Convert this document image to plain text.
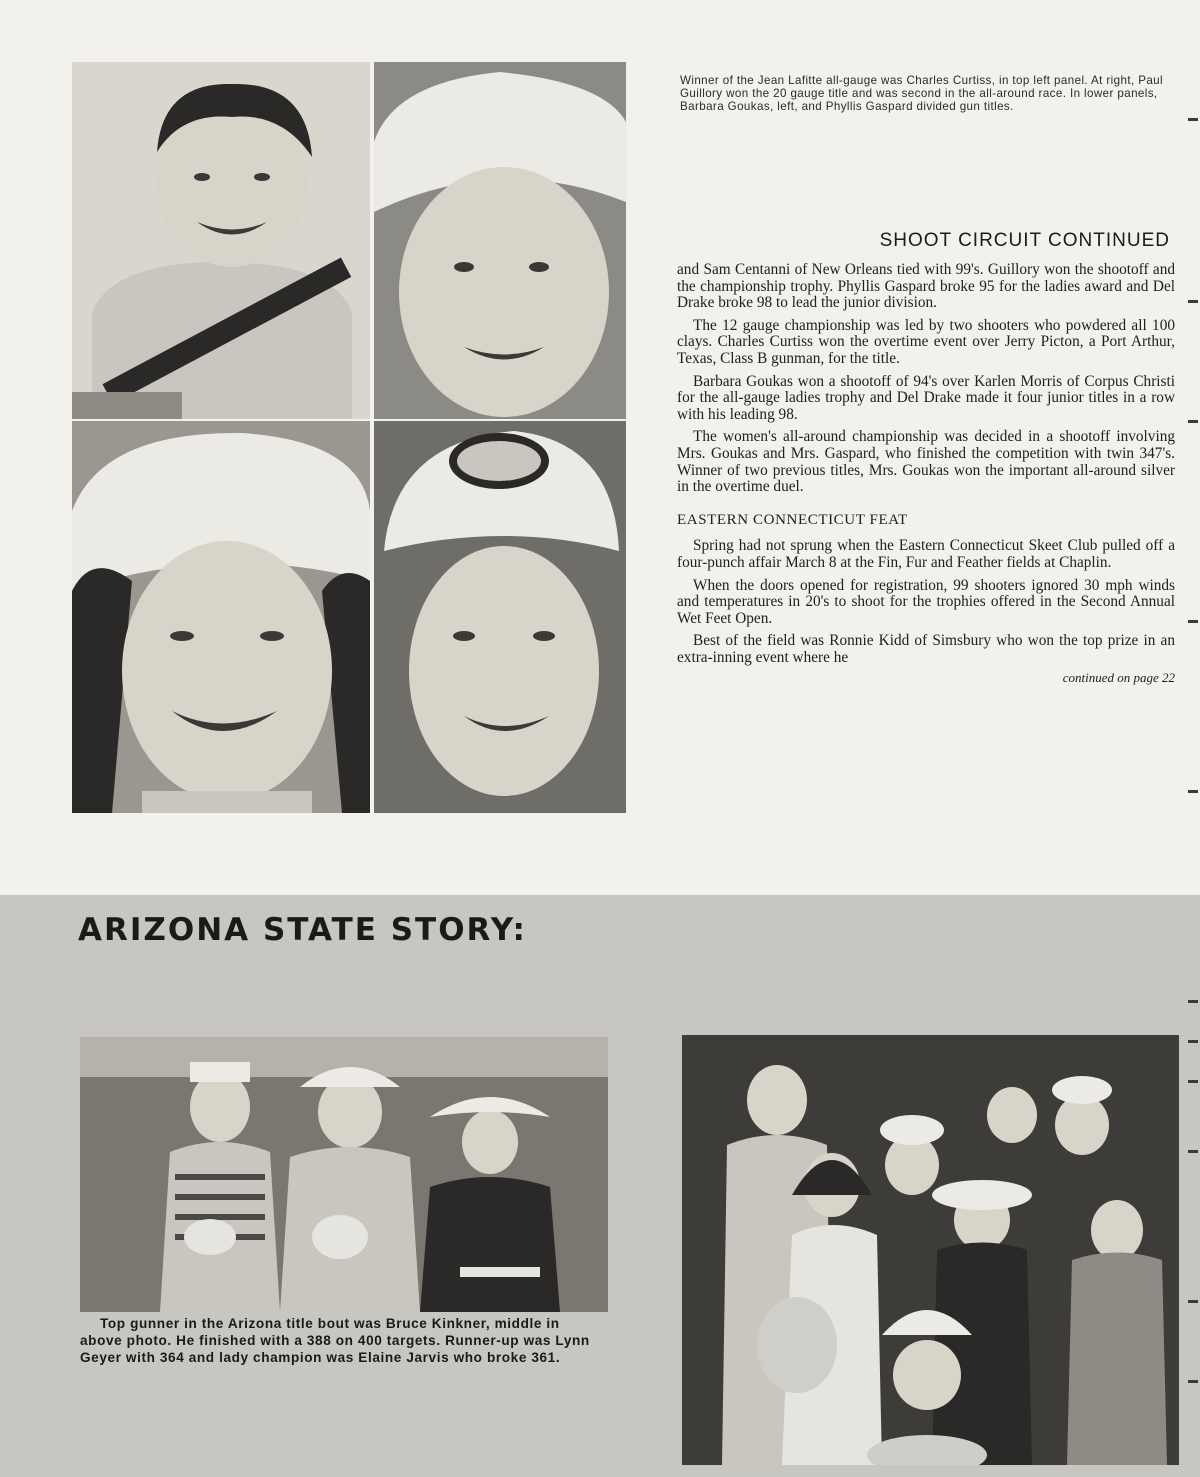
Winner of the Jean Lafitte all-gauge was Charles Curtiss, in top left panel. At right, Paul Guillory won the 20 gauge title and was second in the all-around race. In lower panels, Barbara Goukas, left, and Phyllis Gaspard divided gun titles.
SHOOT CIRCUIT CONTINUED

and Sam Centanni of New Orleans tied with 99's. Guillory won the shootoff and the championship trophy. Phyllis Gaspard broke 95 for the ladies award and Del Drake broke 98 to lead the junior division.

The 12 gauge championship was led by two shooters who powdered all 100 clays. Charles Curtiss won the overtime event over Jerry Picton, a Port Arthur, Texas, Class B gunman, for the title.

Barbara Goukas won a shootoff of 94's over Karlen Morris of Corpus Christi for the all-gauge ladies trophy and Del Drake made it four junior titles in a row with his leading 98.

The women's all-around championship was decided in a shootoff involving Mrs. Goukas and Mrs. Gaspard, who finished the competition with twin 347's. Winner of two previous titles, Mrs. Goukas won the important all-around silver in the overtime duel.

EASTERN CONNECTICUT FEAT

Spring had not sprung when the Eastern Connecticut Skeet Club pulled off a four-punch affair March 8 at the Fin, Fur and Feather fields at Chaplin.

When the doors opened for registration, 99 shooters ignored 30 mph winds and temperatures in 20's to shoot for the trophies offered in the Second Annual Wet Feet Open.

Best of the field was Ronnie Kidd of Simsbury who won the top prize in an extra-inning event where he

continued on page 22
ARIZONA STATE STORY:
Top gunner in the Arizona title bout was Bruce Kinkner, middle in above photo. He finished with a 388 on 400 targets. Runner-up was Lynn Geyer with 364 and lady champion was Elaine Jarvis who broke 361.
